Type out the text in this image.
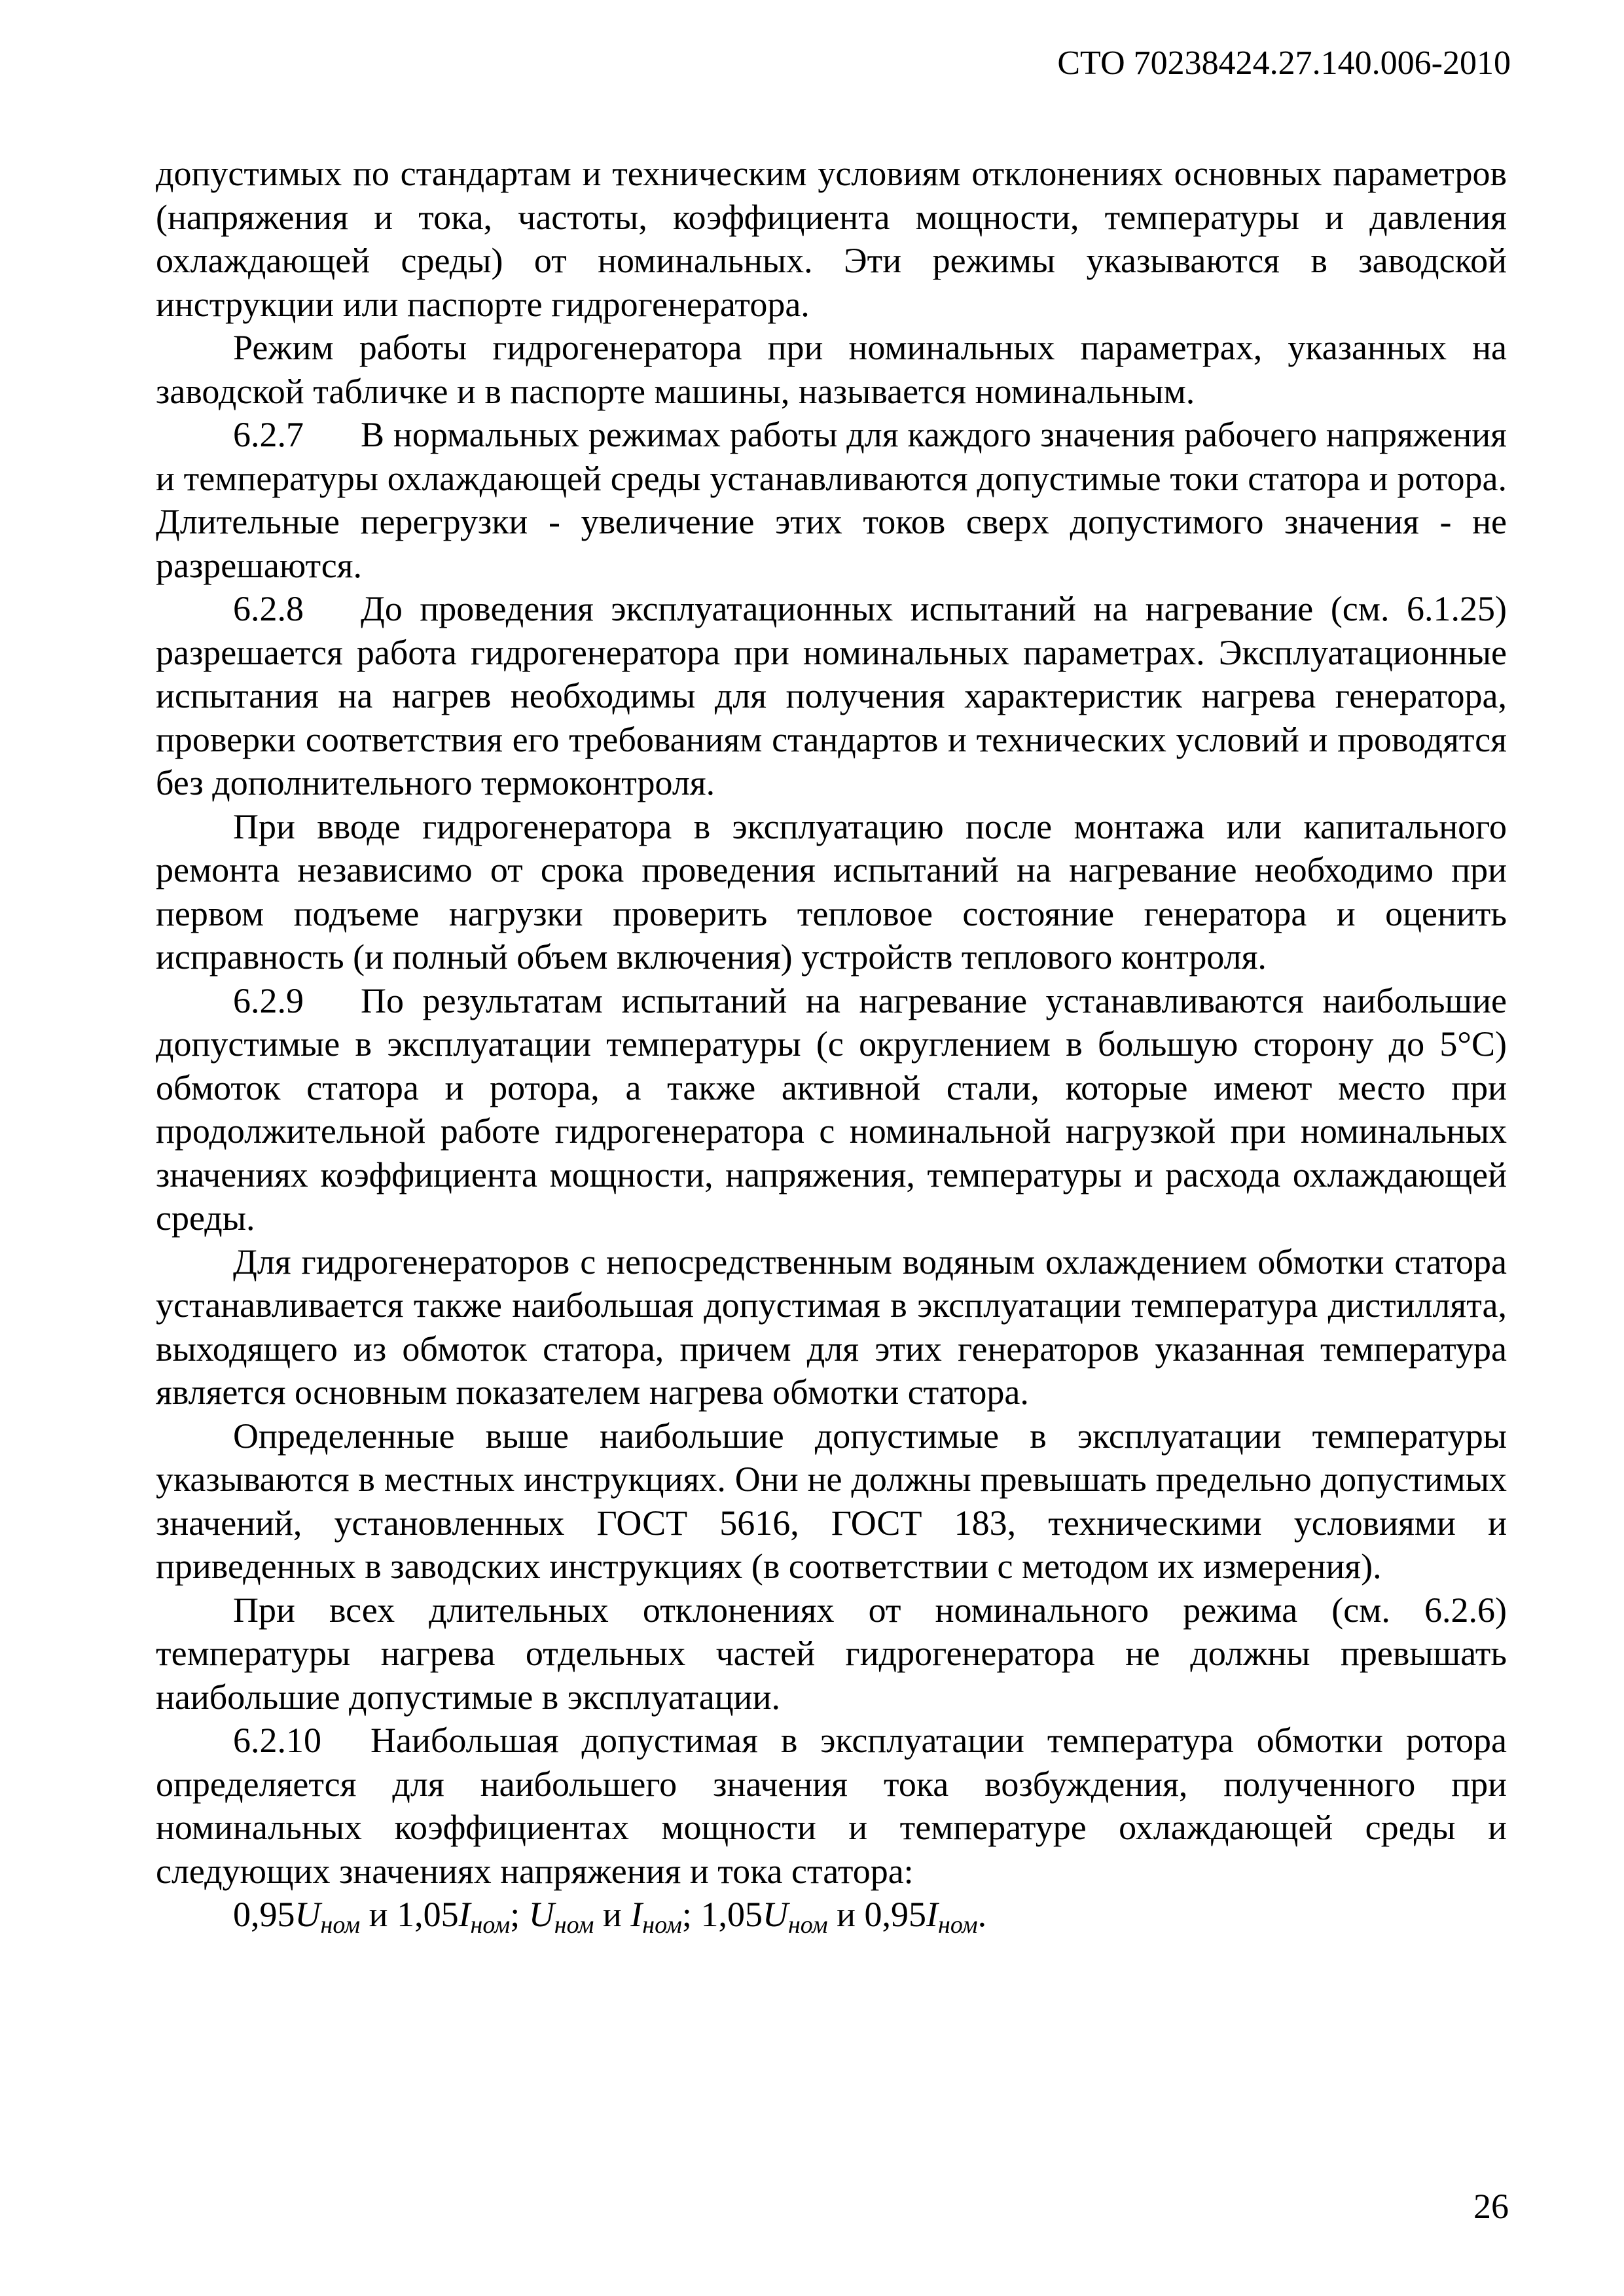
СТО 70238424.27.140.006-2010

допустимых по стандартам и техническим условиям отклонениях основных параметров (напряжения и тока, частоты, коэффициента мощности, температуры и давления охлаждающей среды) от номинальных. Эти режимы указываются в заводской инструкции или паспорте гидрогенератора.

Режим работы гидрогенератора при номинальных параметрах, указанных на заводской табличке и в паспорте машины, называется номинальным.

6.2.7 В нормальных режимах работы для каждого значения рабочего напряжения и температуры охлаждающей среды устанавливаются допустимые токи статора и ротора. Длительные перегрузки - увеличение этих токов сверх допустимого значения - не разрешаются.

6.2.8 До проведения эксплуатационных испытаний на нагревание (см. 6.1.25) разрешается работа гидрогенератора при номинальных параметрах. Эксплуатационные испытания на нагрев необходимы для получения характеристик нагрева генератора, проверки соответствия его требованиям стандартов и технических условий и проводятся без дополнительного термоконтроля.

При вводе гидрогенератора в эксплуатацию после монтажа или капитального ремонта независимо от срока проведения испытаний на нагревание необходимо при первом подъеме нагрузки проверить тепловое состояние генератора и оценить исправность (и полный объем включения) устройств теплового контроля.

6.2.9 По результатам испытаний на нагревание устанавливаются наибольшие допустимые в эксплуатации температуры (с округлением в большую сторону до 5°С) обмоток статора и ротора, а также активной стали, которые имеют место при продолжительной работе гидрогенератора с номинальной нагрузкой при номинальных значениях коэффициента мощности, напряжения, температуры и расхода охлаждающей среды.

Для гидрогенераторов с непосредственным водяным охлаждением обмотки статора устанавливается также наибольшая допустимая в эксплуатации температура дистиллята, выходящего из обмоток статора, причем для этих генераторов указанная температура является основным показателем нагрева обмотки статора.

Определенные выше наибольшие допустимые в эксплуатации температуры указываются в местных инструкциях. Они не должны превышать предельно допустимых значений, установленных ГОСТ 5616, ГОСТ 183, техническими условиями и приведенных в заводских инструкциях (в соответствии с методом их измерения).

При всех длительных отклонениях от номинального режима (см. 6.2.6) температуры нагрева отдельных частей гидрогенератора не должны превышать наибольшие допустимые в эксплуатации.

6.2.10 Наибольшая допустимая в эксплуатации температура обмотки ротора определяется для наибольшего значения тока возбуждения, полученного при номинальных коэффициентах мощности и температуре охлаждающей среды и следующих значениях напряжения и тока статора:

$0,95U_{ном}$ и $1,05I_{ном}$; $U_{ном}$ и $I_{ном}$; $1,05U_{ном}$ и $0,95I_{ном}$.

26
